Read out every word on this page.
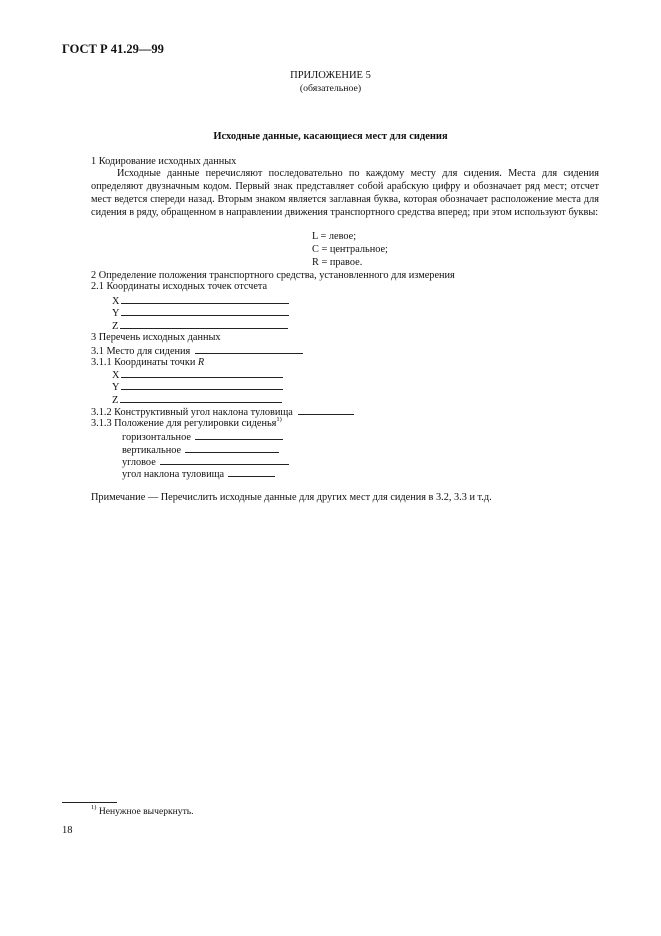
ГОСТ Р 41.29—99
ПРИЛОЖЕНИЕ 5
(обязательное)
Исходные данные, касающиеся мест для сидения
1 Кодирование исходных данных
Исходные данные перечисляют последовательно по каждому месту для сидения. Места для сидения определяют двузначным кодом. Первый знак представляет собой арабскую цифру и обозначает ряд мест; отсчет мест ведется спереди назад. Вторым знаком является заглавная буква, которая обозначает расположение места для сидения в ряду, обращенном в направлении движения транспортного средства вперед; при этом используют буквы:
L = левое;
C = центральное;
R = правое.
2 Определение положения транспортного средства, установленного для измерения
2.1 Координаты исходных точек отсчета
X
Y
Z
3 Перечень исходных данных
3.1 Место для сидения
3.1.1 Координаты точки R
X
Y
Z
3.1.2 Конструктивный угол наклона туловища
3.1.3 Положение для регулировки сиденья$^{1)}$
горизонтальное
вертикальное
угловое
угол наклона туловища
Примечание — Перечислить исходные данные для других мест для сидения в 3.2, 3.3 и т.д.
$^{1)}$ Ненужное вычеркнуть.
18
